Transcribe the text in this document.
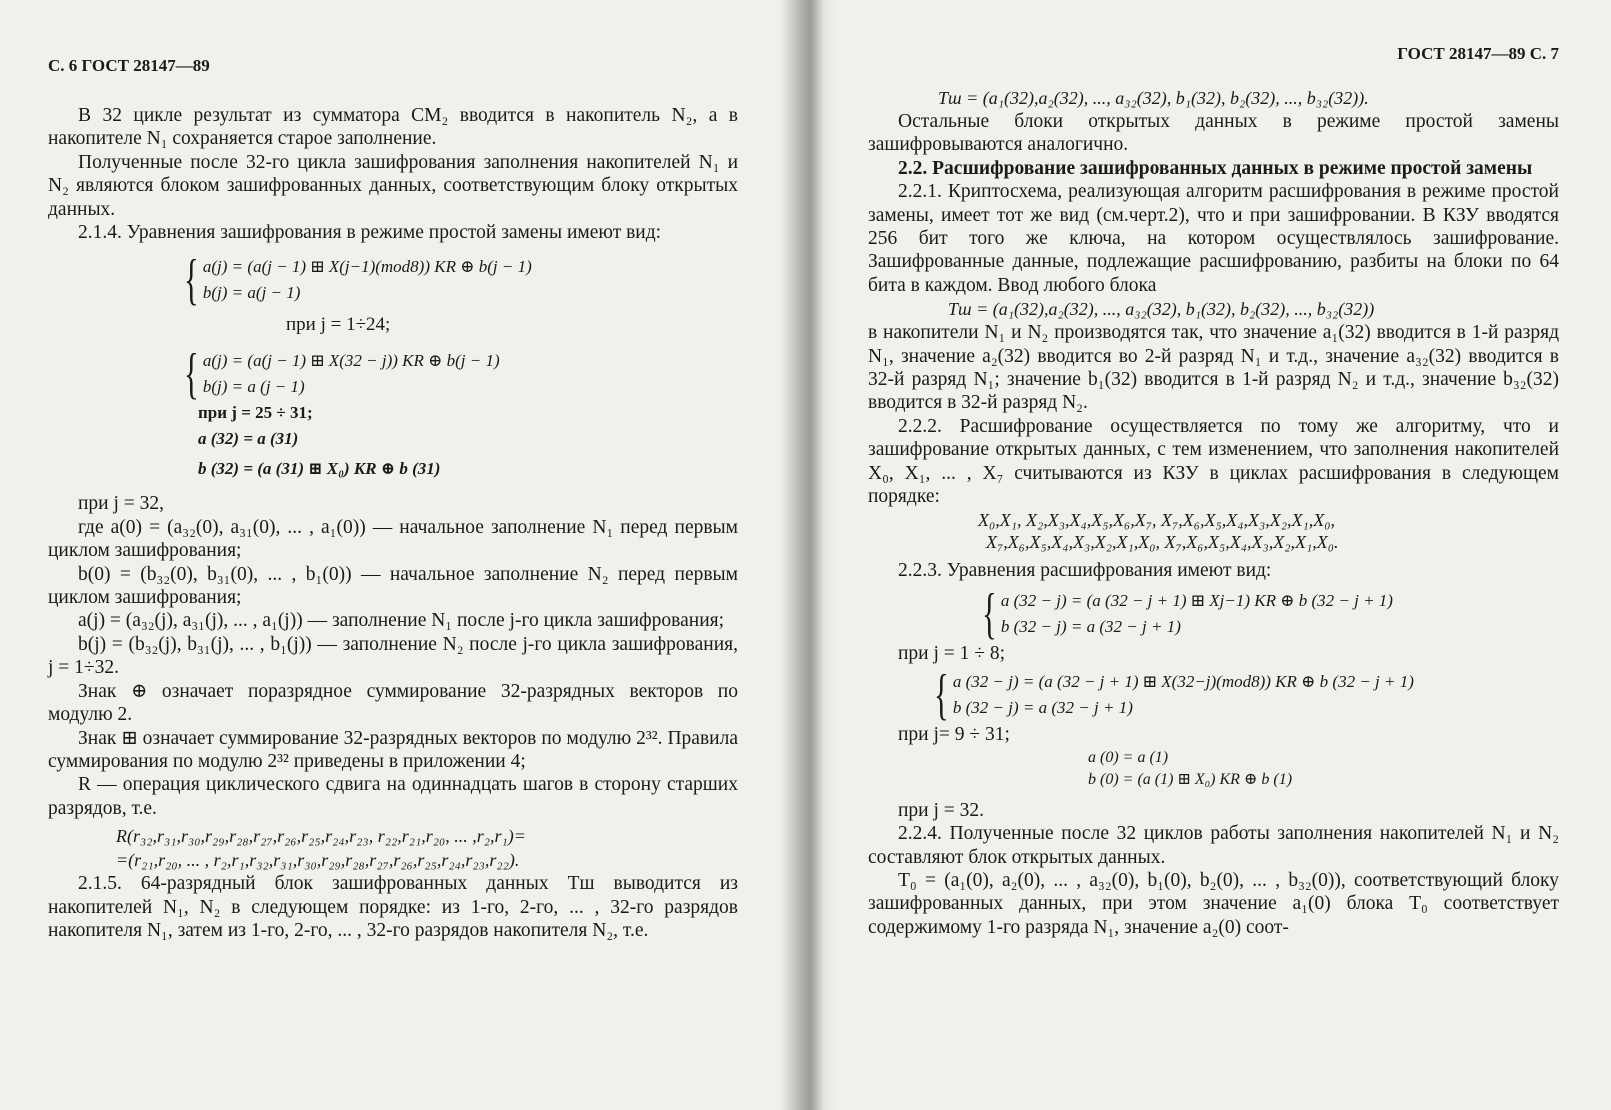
С. 6 ГОСТ 28147—89

В 32 цикле результат из сумматора CM₂ вводится в накопитель N₂, а в накопителе N₁ сохраняется старое заполнение.

Полученные после 32-го цикла зашифрования заполнения накопителей N₁ и N₂ являются блоком зашифрованных данных, соответствующим блоку открытых данных.

2.1.4. Уравнения зашифрования в режиме простой замены имеют вид:

{ a(j) = (a(j − 1) ⊞ X(j−1)(mod8)) KR ⊕ b(j − 1)
b(j) = a(j − 1)
при j = 1÷24;
{ a(j) = (a(j − 1) ⊞ X(32 − j)) KR ⊕ b(j − 1)
b(j) = a (j − 1)
при j = 25 ÷ 31;
a (32) = a (31)
b (32) = (a (31) ⊞ X₀) KR ⊕ b (31)

при j = 32,

где a(0) = (a₃₂(0), a₃₁(0), ... , a₁(0)) — начальное заполнение N₁ перед первым циклом зашифрования;

b(0) = (b₃₂(0), b₃₁(0), ... , b₁(0)) — начальное заполнение N₂ перед первым циклом зашифрования;

a(j) = (a₃₂(j), a₃₁(j), ... , a₁(j)) — заполнение N₁ после j-го цикла зашифрования;

b(j) = (b₃₂(j), b₃₁(j), ... , b₁(j)) — заполнение N₂ после j-го цикла зашифрования, j = 1÷32.

Знак ⊕ означает поразрядное суммирование 32-разрядных векторов по модулю 2.

Знак ⊞ означает суммирование 32-разрядных векторов по модулю 2³². Правила суммирования по модулю 2³² приведены в приложении 4;

R — операция циклического сдвига на одиннадцать шагов в сторону старших разрядов, т.е.

R(r₃₂,r₃₁,r₃₀,r₂₉,r₂₈,r₂₇,r₂₆,r₂₅,r₂₄,r₂₃, r₂₂,r₂₁,r₂₀, ... ,r₂,r₁)=
=(r₂₁,r₂₀, ... , r₂,r₁,r₃₂,r₃₁,r₃₀,r₂₉,r₂₈,r₂₇,r₂₆,r₂₅,r₂₄,r₂₃,r₂₂).

2.1.5. 64-разрядный блок зашифрованных данных Tш выводится из накопителей N₁, N₂ в следующем порядке: из 1-го, 2-го, ... , 32-го разрядов накопителя N₁, затем из 1-го, 2-го, ... , 32-го разрядов накопителя N₂, т.е.

ГОСТ 28147—89 С. 7
Tш = (a₁(32),a₂(32), ..., a₃₂(32), b₁(32), b₂(32), ..., b₃₂(32)).

Остальные блоки открытых данных в режиме простой замены зашифровываются аналогично.

2.2. Расшифрование зашифрованных данных в режиме простой замены

2.2.1. Криптосхема, реализующая алгоритм расшифрования в режиме простой замены, имеет тот же вид (см.черт.2), что и при зашифровании. В КЗУ вводятся 256 бит того же ключа, на котором осуществлялось зашифрование. Зашифрованные данные, подлежащие расшифрованию, разбиты на блоки по 64 бита в каждом. Ввод любого блока

Tш = (a₁(32),a₂(32), ..., a₃₂(32), b₁(32), b₂(32), ..., b₃₂(32))

в накопители N₁ и N₂ производятся так, что значение a₁(32) вводится в 1-й разряд N₁, значение a₂(32) вводится во 2-й разряд N₁ и т.д., значение a₃₂(32) вводится в 32-й разряд N₁; значение b₁(32) вводится в 1-й разряд N₂ и т.д., значение b₃₂(32) вводится в 32-й разряд N₂.

2.2.2. Расшифрование осуществляется по тому же алгоритму, что и зашифрование открытых данных, с тем изменением, что заполнения накопителей X₀, X₁, ... , X₇ считываются из КЗУ в циклах расшифрования в следующем порядке:

X₀,X₁, X₂,X₃,X₄,X₅,X₆,X₇, X₇,X₆,X₅,X₄,X₃,X₂,X₁,X₀,
X₇,X₆,X₅,X₄,X₃,X₂,X₁,X₀, X₇,X₆,X₅,X₄,X₃,X₂,X₁,X₀.

2.2.3. Уравнения расшифрования имеют вид:

{ a (32 − j) = (a (32 − j + 1) ⊞ Xj−1) KR ⊕ b (32 − j + 1)
b (32 − j) = a (32 − j + 1)

при j = 1 ÷ 8;

{ a (32 − j) = (a (32 − j + 1) ⊞ X(32−j)(mod8)) KR ⊕ b (32 − j + 1)
b (32 − j) = a (32 − j + 1)

при j= 9 ÷ 31;

a (0) = a (1)
b (0) = (a (1) ⊞ X₀) KR ⊕ b (1)

при j = 32.

2.2.4. Полученные после 32 циклов работы заполнения накопителей N₁ и N₂ составляют блок открытых данных.

T₀ = (a₁(0), a₂(0), ... , a₃₂(0), b₁(0), b₂(0), ... , b₃₂(0)), соответствующий блоку зашифрованных данных, при этом значение a₁(0) блока T₀ соответствует содержимому 1-го разряда N₁, значение a₂(0) соот-
